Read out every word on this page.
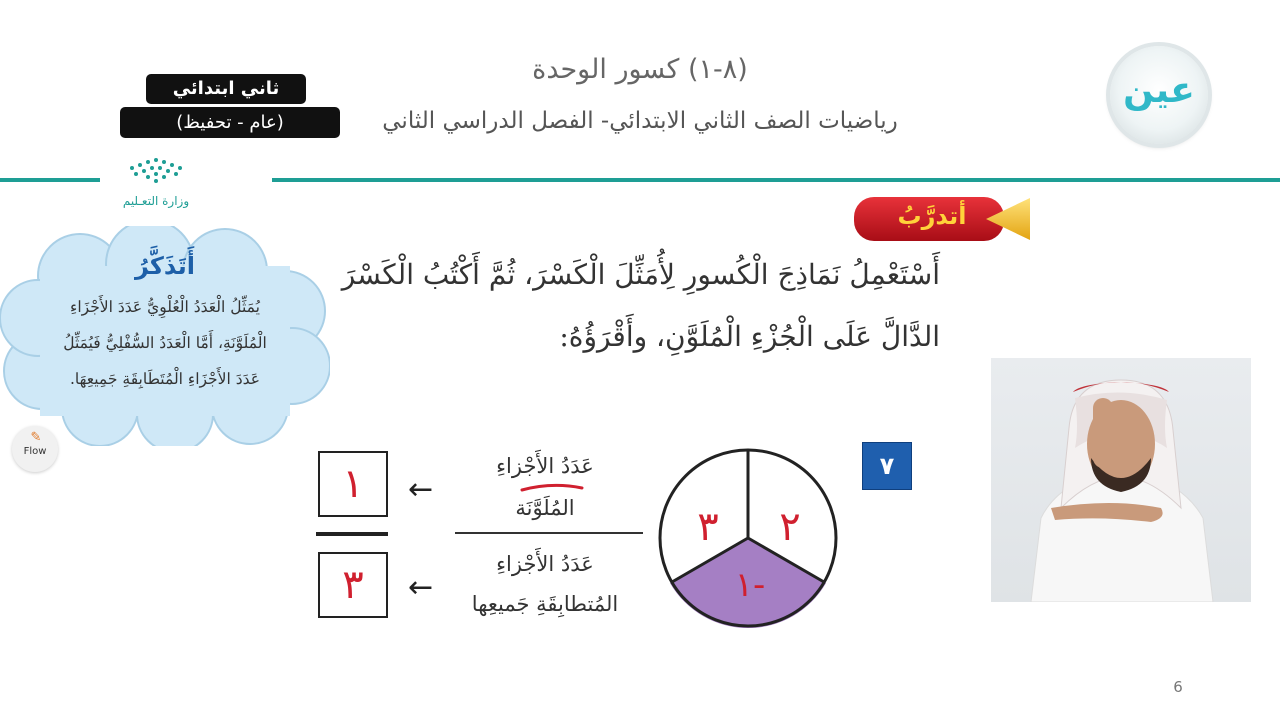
(٨-١) كسور الوحدة
رياضيات الصف الثاني الابتدائي- الفصل الدراسي الثاني
ثاني ابتدائي
(عام - تحفيظ)
وزارة التعـليم
عين
أتدرَّبُ
أَسْتَعْمِلُ نَمَاذِجَ الْكُسورِ لِأُمَثِّلَ الْكَسْرَ، ثُمَّ أَكْتُبُ الْكَسْرَ
الدَّالَّ عَلَى الْجُزْءِ الْمُلَوَّنِ، وأَقْرَؤُهُ:
أَتَذَكَّرُ
يُمَثِّلُ الْعَدَدُ الْعُلْوِيُّ عَدَدَ الأَجْزَاءِ
الْمُلَوَّنَةِ، أَمَّا الْعَدَدُ السُّفْلِيُّ فَيُمَثِّلُ
عَدَدَ الأَجْزَاءِ الْمُتَطَابِقَةِ جَمِيعِهَا.
✎
Flow
٧
٢
٣
١-
١
٣
←
←
عَدَدُ الأَجْزاءِ
المُلَوَّنَة
عَدَدُ الأَجْزاءِ
المُتطابِقَةِ جَميعِها
6
